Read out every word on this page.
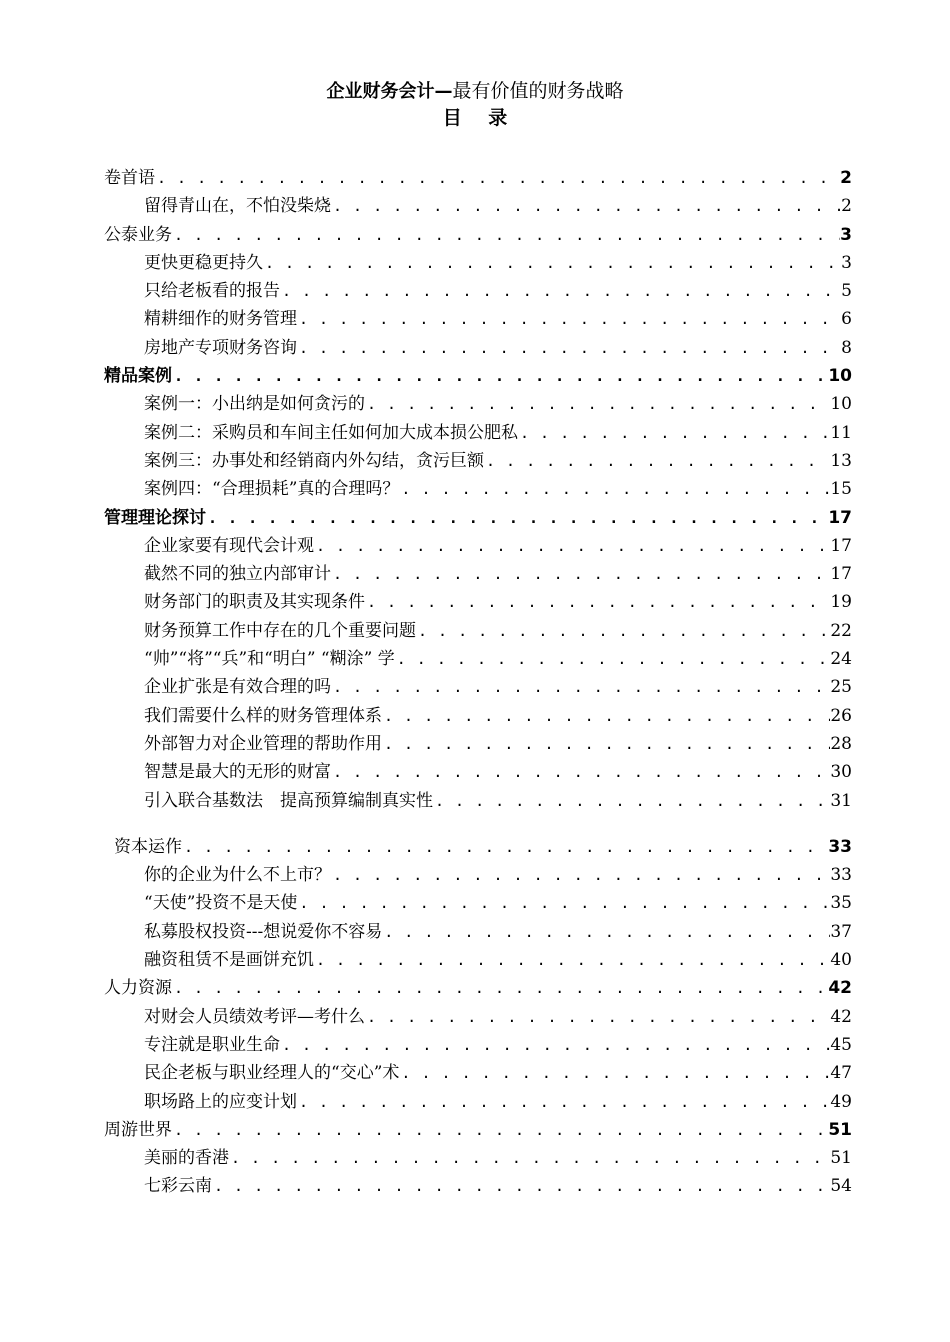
企业财务会计—最有价值的财务战略
目 录
卷首语 . . .	2
留得青山在，不怕没柴烧 . . .	2
公泰业务 . . .	3
更快更稳更持久 . . .	3
只给老板看的报告 . . .	5
精耕细作的财务管理 . . .	6
房地产专项财务咨询 . . .	8
精品案例 . . .	10
案例一：小出纳是如何贪污的 . . .	10
案例二：采购员和车间主任如何加大成本损公肥私 . . .	11
案例三：办事处和经销商内外勾结，贪污巨额 . . .	13
案例四：“合理损耗”真的合理吗？ . . .	15
管理理论探讨 . . .	17
企业家要有现代会计观 . . .	17
截然不同的独立内部审计 . . .	17
财务部门的职责及其实现条件 . . .	19
财务预算工作中存在的几个重要问题 . . .	22
“帅”“将”“兵”和“明白” “糊涂” 学 . . .	24
企业扩张是有效合理的吗 . . .	25
我们需要什么样的财务管理体系 . . .	26
外部智力对企业管理的帮助作用 . . .	28
智慧是最大的无形的财富 . . .	30
引入联合基数法　提高预算编制真实性 . . .	31
资本运作 . . .	33
你的企业为什么不上市？ . . .	33
“天使”投资不是天使 . . .	35
私募股权投资---想说爱你不容易 . . .	37
融资租赁不是画饼充饥 . . .	40
人力资源 . . .	42
对财会人员绩效考评—考什么 . . .	42
专注就是职业生命 . . .	45
民企老板与职业经理人的“交心”术 . . .	47
职场路上的应变计划 . . .	49
周游世界 . . .	51
美丽的香港 . . .	51
七彩云南 . . .	54
